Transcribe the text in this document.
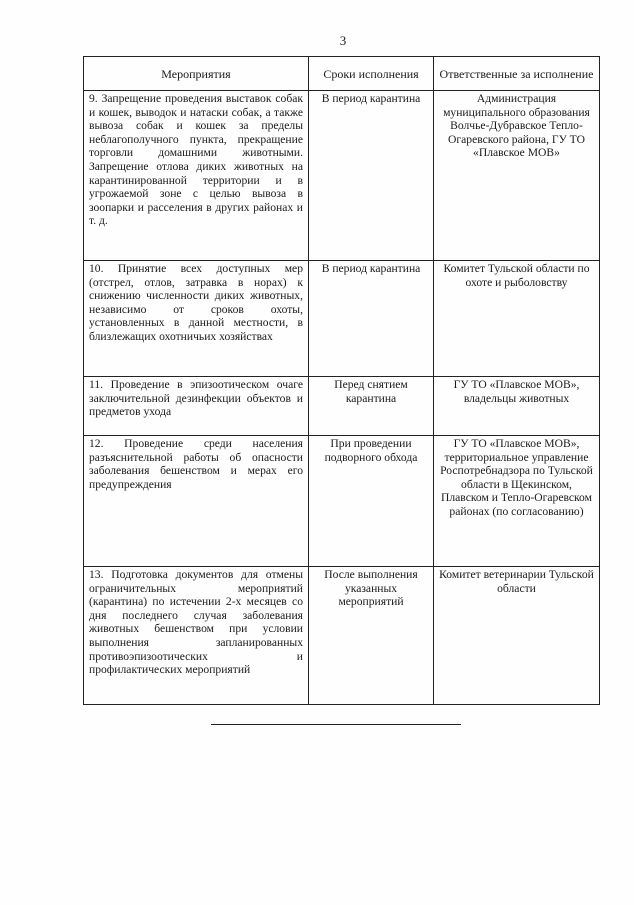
3
Мероприятия	Сроки исполнения	Ответственные за исполнение
9. Запрещение проведения выставок собак и кошек, выводок и натаски собак, а также вывоза собак и кошек за пределы неблагополучного пункта, прекращение торговли домашними животными. Запрещение отлова диких животных на карантинированной территории и в угрожаемой зоне с целью вывоза в зоопарки и расселения в других районах и т. д.	В период карантина	Администрация муниципального образования Волчье-Дубравское Тепло-Огаревского района, ГУ ТО «Плавское МОВ»
10. Принятие всех доступных мер (отстрел, отлов, затравка в норах) к снижению численности диких животных, независимо от сроков охоты, установленных в данной местности, в близлежащих охотничьих хозяйствах	В период карантина	Комитет Тульской области по охоте и рыболовству
11. Проведение в эпизоотическом очаге заключительной дезинфекции объектов и предметов ухода	Перед снятием карантина	ГУ ТО «Плавское МОВ», владельцы животных
12. Проведение среди населения разъяснительной работы об опасности заболевания бешенством и мерах его предупреждения	При проведении подворного обхода	ГУ ТО «Плавское МОВ», территориальное управление Роспотребнадзора по Тульской области в Щекинском, Плавском и Тепло-Огаревском районах (по согласованию)
13. Подготовка документов для отмены ограничительных мероприятий (карантина) по истечении 2-х месяцев со дня последнего случая заболевания животных бешенством при условии выполнения запланированных противоэпизоотических и профилактических мероприятий	После выполнения указанных мероприятий	Комитет ветеринарии Тульской области
